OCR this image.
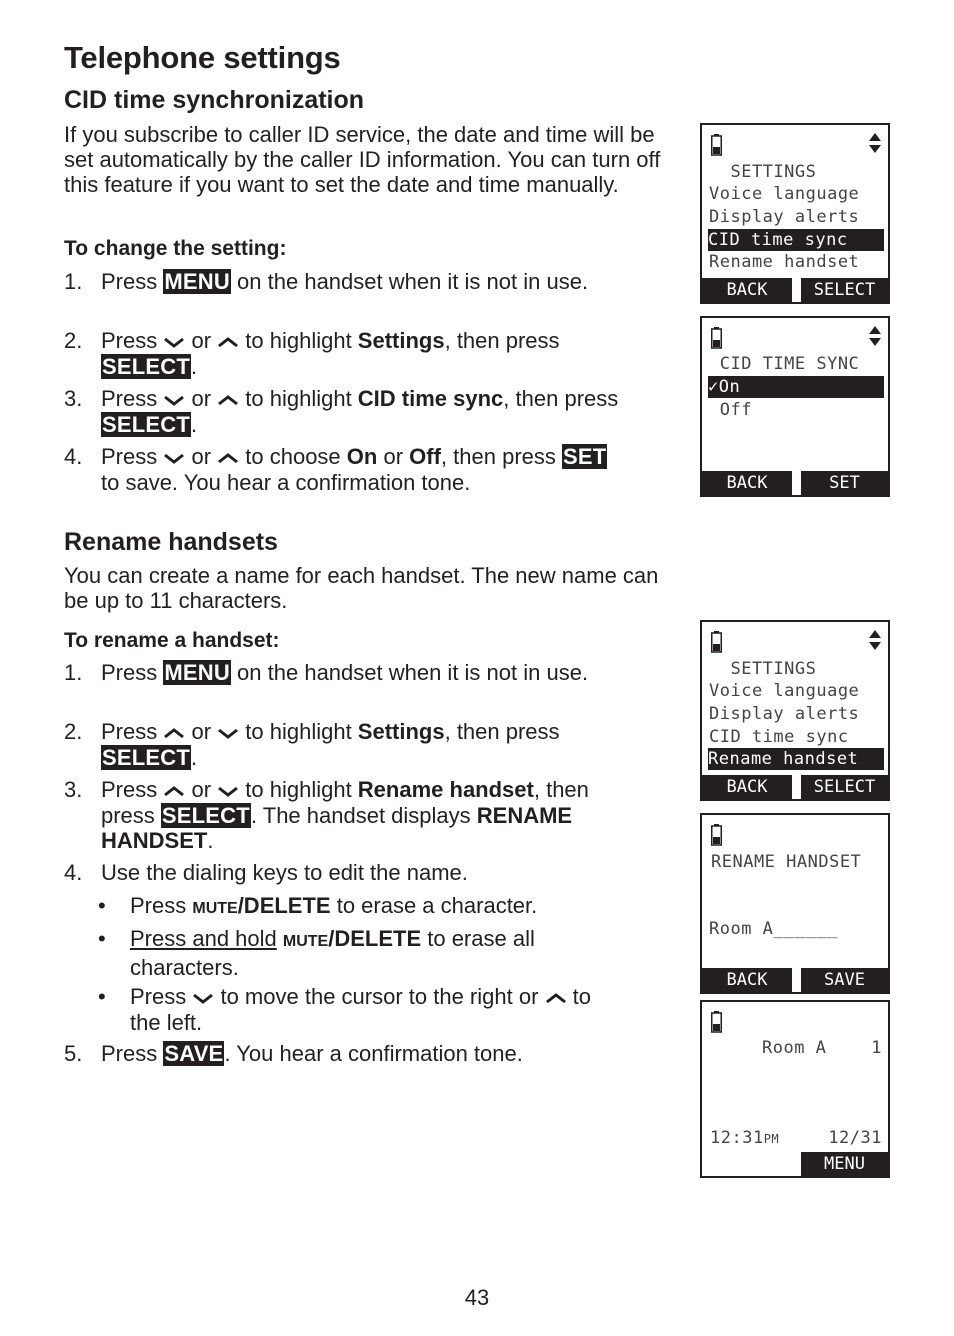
Telephone settings
CID time synchronization

If you subscribe to caller ID service, the date and time will be set automatically by the caller ID information. You can turn off this feature if you want to set the date and time manually.

To change the setting:

1. Press MENU on the handset when it is not in use.
2. Press
or
to highlight Settings, then press SELECT.
3. Press
or
to highlight CID time sync, then press SELECT.
4. Press
or
to choose On or Off, then press SET to save. You hear a confirmation tone.
Rename handsets

You can create a name for each handset. The new name can be up to 11 characters.

To rename a handset:

1. Press MENU on the handset when it is not in use.
2. Press
or
to highlight Settings, then press SELECT.
3. Press
or
to highlight Rename handset, then press SELECT. The handset displays RENAME HANDSET.
4. Use the dialing keys to edit the name.
• Press MUTE/DELETE to erase a character.
• Press and hold MUTE/DELETE to erase all characters.
• Press
to move the cursor to the right or
to the left.
5. Press SAVE. You hear a confirmation tone.
SETTINGS
Voice language
Display alerts
CID time sync
Rename handset
BACK	SELECT
CID TIME SYNC
✓On
Off
BACK	SET
SETTINGS
Voice language
Display alerts
CID time sync
Rename handset
BACK	SELECT
RENAME HANDSET
Room A______
BACK	SAVE
Room A	1
12:31PM	12/31
MENU
43
